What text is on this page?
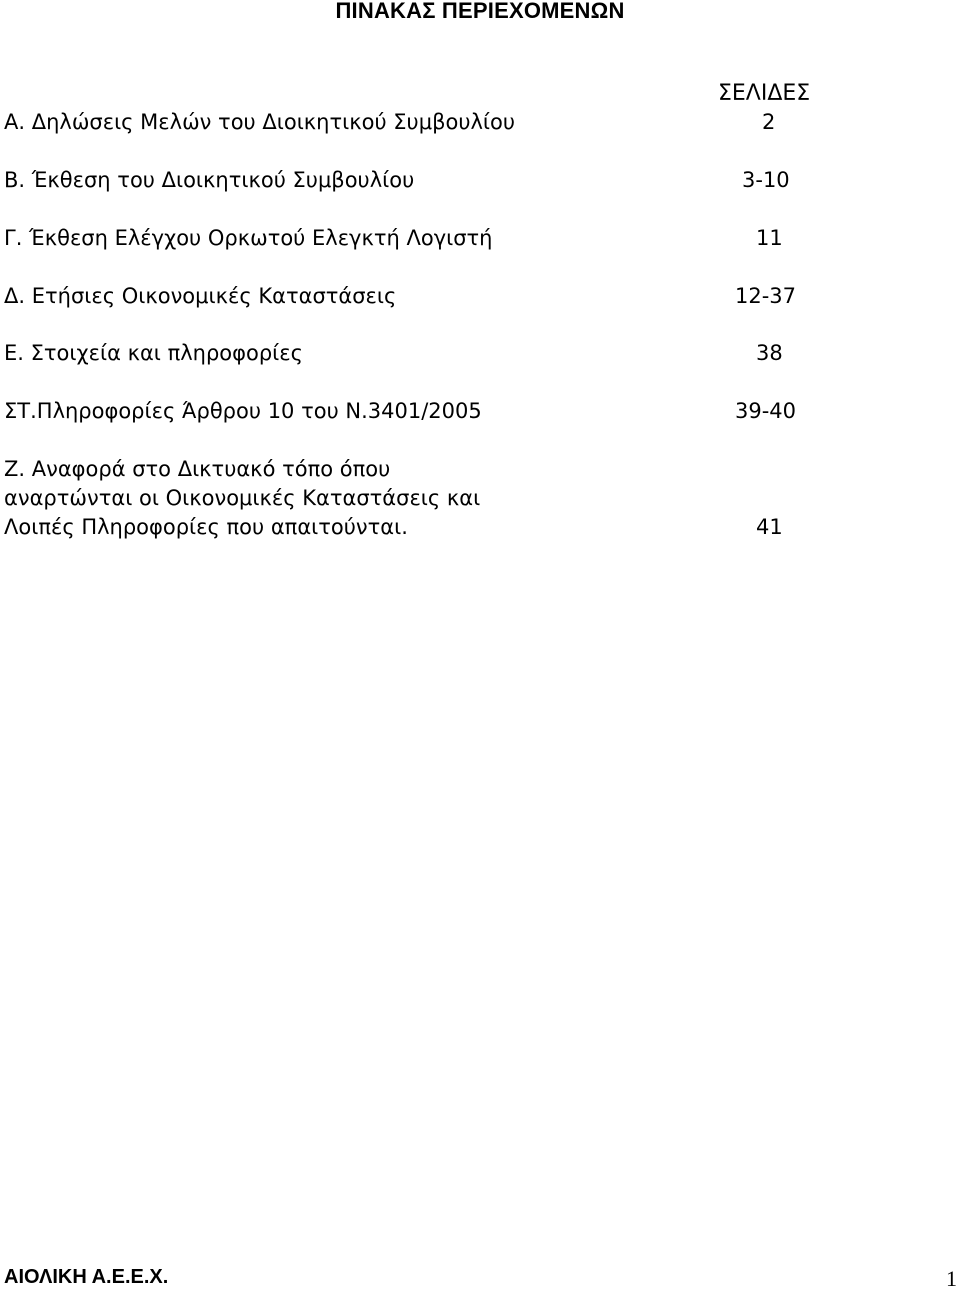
ΠΙΝΑΚΑΣ ΠΕΡΙΕΧΟΜΕΝΩΝ
ΣΕΛΙΔΕΣ
Α. Δηλώσεις Μελών του Διοικητικού Συμβουλίου	2
Β. Έκθεση του Διοικητικού Συμβουλίου	3-10
Γ. Έκθεση Ελέγχου Ορκωτού Ελεγκτή Λογιστή	11
Δ. Ετήσιες Οικονομικές Καταστάσεις	12-37
Ε. Στοιχεία και πληροφορίες	38
ΣΤ.Πληροφορίες Άρθρου 10 του Ν.3401/2005	39-40
Ζ. Αναφορά στο Δικτυακό τόπο όπου
αναρτώνται οι Οικονομικές Καταστάσεις και
Λοιπές Πληροφορίες που απαιτούνται.	41
ΑΙΟΛΙΚΗ Α.Ε.Ε.Χ.	1
